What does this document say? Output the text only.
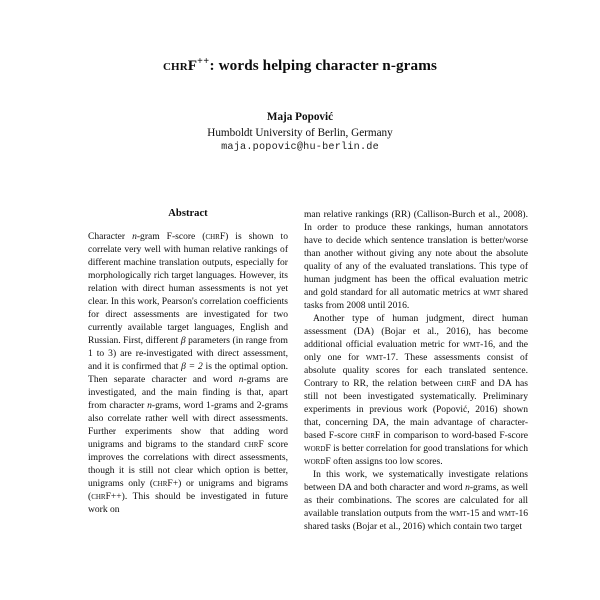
chrF++: words helping character n-grams
Maja Popović
Humboldt University of Berlin, Germany
maja.popovic@hu-berlin.de
Abstract

Character n-gram F-score (chrF) is shown to correlate very well with human relative rankings of different machine translation outputs, especially for morphologically rich target languages. However, its relation with direct human assessments is not yet clear. In this work, Pearson's correlation coefficients for direct assessments are investigated for two currently available target languages, English and Russian. First, different β parameters (in range from 1 to 3) are re-investigated with direct assessment, and it is confirmed that β = 2 is the optimal option. Then separate character and word n-grams are investigated, and the main finding is that, apart from character n-grams, word 1-grams and 2-grams also correlate rather well with direct assessments. Further experiments show that adding word unigrams and bigrams to the standard chrF score improves the correlations with direct assessments, though it is still not clear which option is better, unigrams only (chrF+) or unigrams and bigrams (chrF++). This should be investigated in future work on

man relative rankings (RR) (Callison-Burch et al., 2008). In order to produce these rankings, human annotators have to decide which sentence translation is better/worse than another without giving any note about the absolute quality of any of the evaluated translations. This type of human judgment has been the offical evaluation metric and gold standard for all automatic metrics at wmt shared tasks from 2008 until 2016.

Another type of human judgment, direct human assessment (DA) (Bojar et al., 2016), has become additional official evaluation metric for wmt-16, and the only one for wmt-17. These assessments consist of absolute quality scores for each translated sentence. Contrary to RR, the relation between chrF and DA has still not been investigated systematically. Preliminary experiments in previous work (Popović, 2016) shown that, concerning DA, the main advantage of character-based F-score chrF in comparison to word-based F-score wordF is better correlation for good translations for which wordF often assigns too low scores.

In this work, we systematically investigate relations between DA and both character and word n-grams, as well as their combinations. The scores are calculated for all available translation outputs from the wmt-15 and wmt-16 shared tasks (Bojar et al., 2016) which contain two target
